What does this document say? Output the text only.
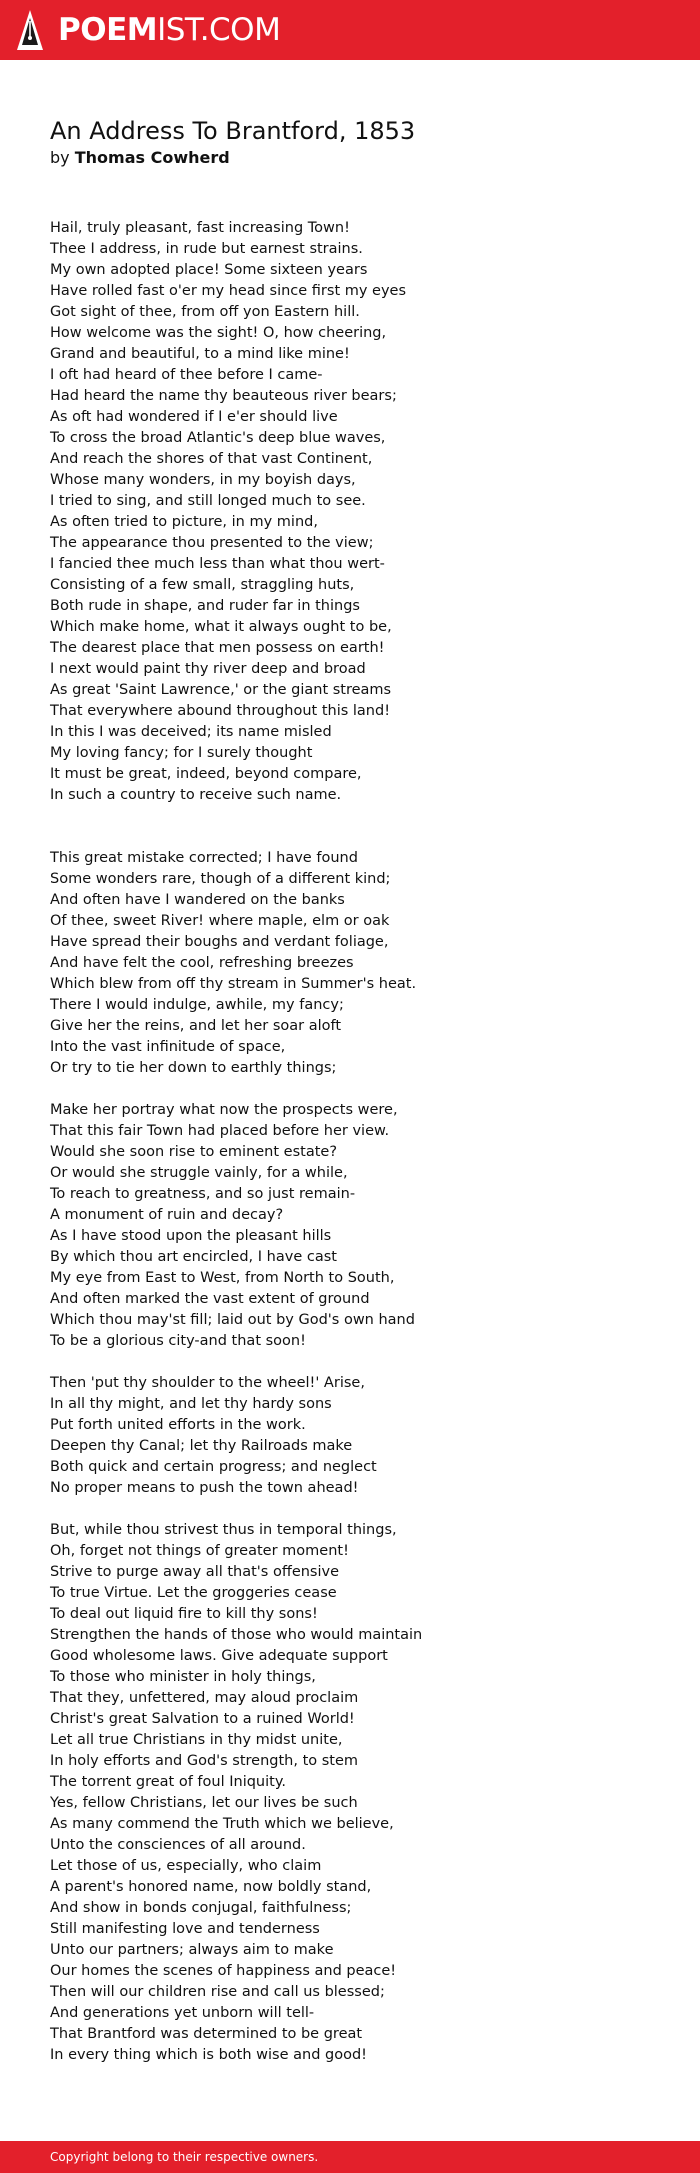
POEMIST.COM
An Address To Brantford, 1853
by Thomas Cowherd
Hail, truly pleasant, fast increasing Town!
Thee I address, in rude but earnest strains.
My own adopted place! Some sixteen years
Have rolled fast o'er my head since first my eyes
Got sight of thee, from off yon Eastern hill.
How welcome was the sight! O, how cheering,
Grand and beautiful, to a mind like mine!
I oft had heard of thee before I came-
Had heard the name thy beauteous river bears;
As oft had wondered if I e'er should live
To cross the broad Atlantic's deep blue waves,
And reach the shores of that vast Continent,
Whose many wonders, in my boyish days,
I tried to sing, and still longed much to see.
As often tried to picture, in my mind,
The appearance thou presented to the view;
I fancied thee much less than what thou wert-
Consisting of a few small, straggling huts,
Both rude in shape, and ruder far in things
Which make home, what it always ought to be,
The dearest place that men possess on earth!
I next would paint thy river deep and broad
As great 'Saint Lawrence,' or the giant streams
That everywhere abound throughout this land!
In this I was deceived; its name misled
My loving fancy; for I surely thought
It must be great, indeed, beyond compare,
In such a country to receive such name.
This great mistake corrected; I have found
Some wonders rare, though of a different kind;
And often have I wandered on the banks
Of thee, sweet River! where maple, elm or oak
Have spread their boughs and verdant foliage,
And have felt the cool, refreshing breezes
Which blew from off thy stream in Summer's heat.
There I would indulge, awhile, my fancy;
Give her the reins, and let her soar aloft
Into the vast infinitude of space,
Or try to tie her down to earthly things;
Make her portray what now the prospects were,
That this fair Town had placed before her view.
Would she soon rise to eminent estate?
Or would she struggle vainly, for a while,
To reach to greatness, and so just remain-
A monument of ruin and decay?
As I have stood upon the pleasant hills
By which thou art encircled, I have cast
My eye from East to West, from North to South,
And often marked the vast extent of ground
Which thou may'st fill; laid out by God's own hand
To be a glorious city-and that soon!
Then 'put thy shoulder to the wheel!' Arise,
In all thy might, and let thy hardy sons
Put forth united efforts in the work.
Deepen thy Canal; let thy Railroads make
Both quick and certain progress; and neglect
No proper means to push the town ahead!
But, while thou strivest thus in temporal things,
Oh, forget not things of greater moment!
Strive to purge away all that's offensive
To true Virtue. Let the groggeries cease
To deal out liquid fire to kill thy sons!
Strengthen the hands of those who would maintain
Good wholesome laws. Give adequate support
To those who minister in holy things,
That they, unfettered, may aloud proclaim
Christ's great Salvation to a ruined World!
Let all true Christians in thy midst unite,
In holy efforts and God's strength, to stem
The torrent great of foul Iniquity.
Yes, fellow Christians, let our lives be such
As many commend the Truth which we believe,
Unto the consciences of all around.
Let those of us, especially, who claim
A parent's honored name, now boldly stand,
And show in bonds conjugal, faithfulness;
Still manifesting love and tenderness
Unto our partners; always aim to make
Our homes the scenes of happiness and peace!
Then will our children rise and call us blessed;
And generations yet unborn will tell-
That Brantford was determined to be great
In every thing which is both wise and good!
Copyright belong to their respective owners.
